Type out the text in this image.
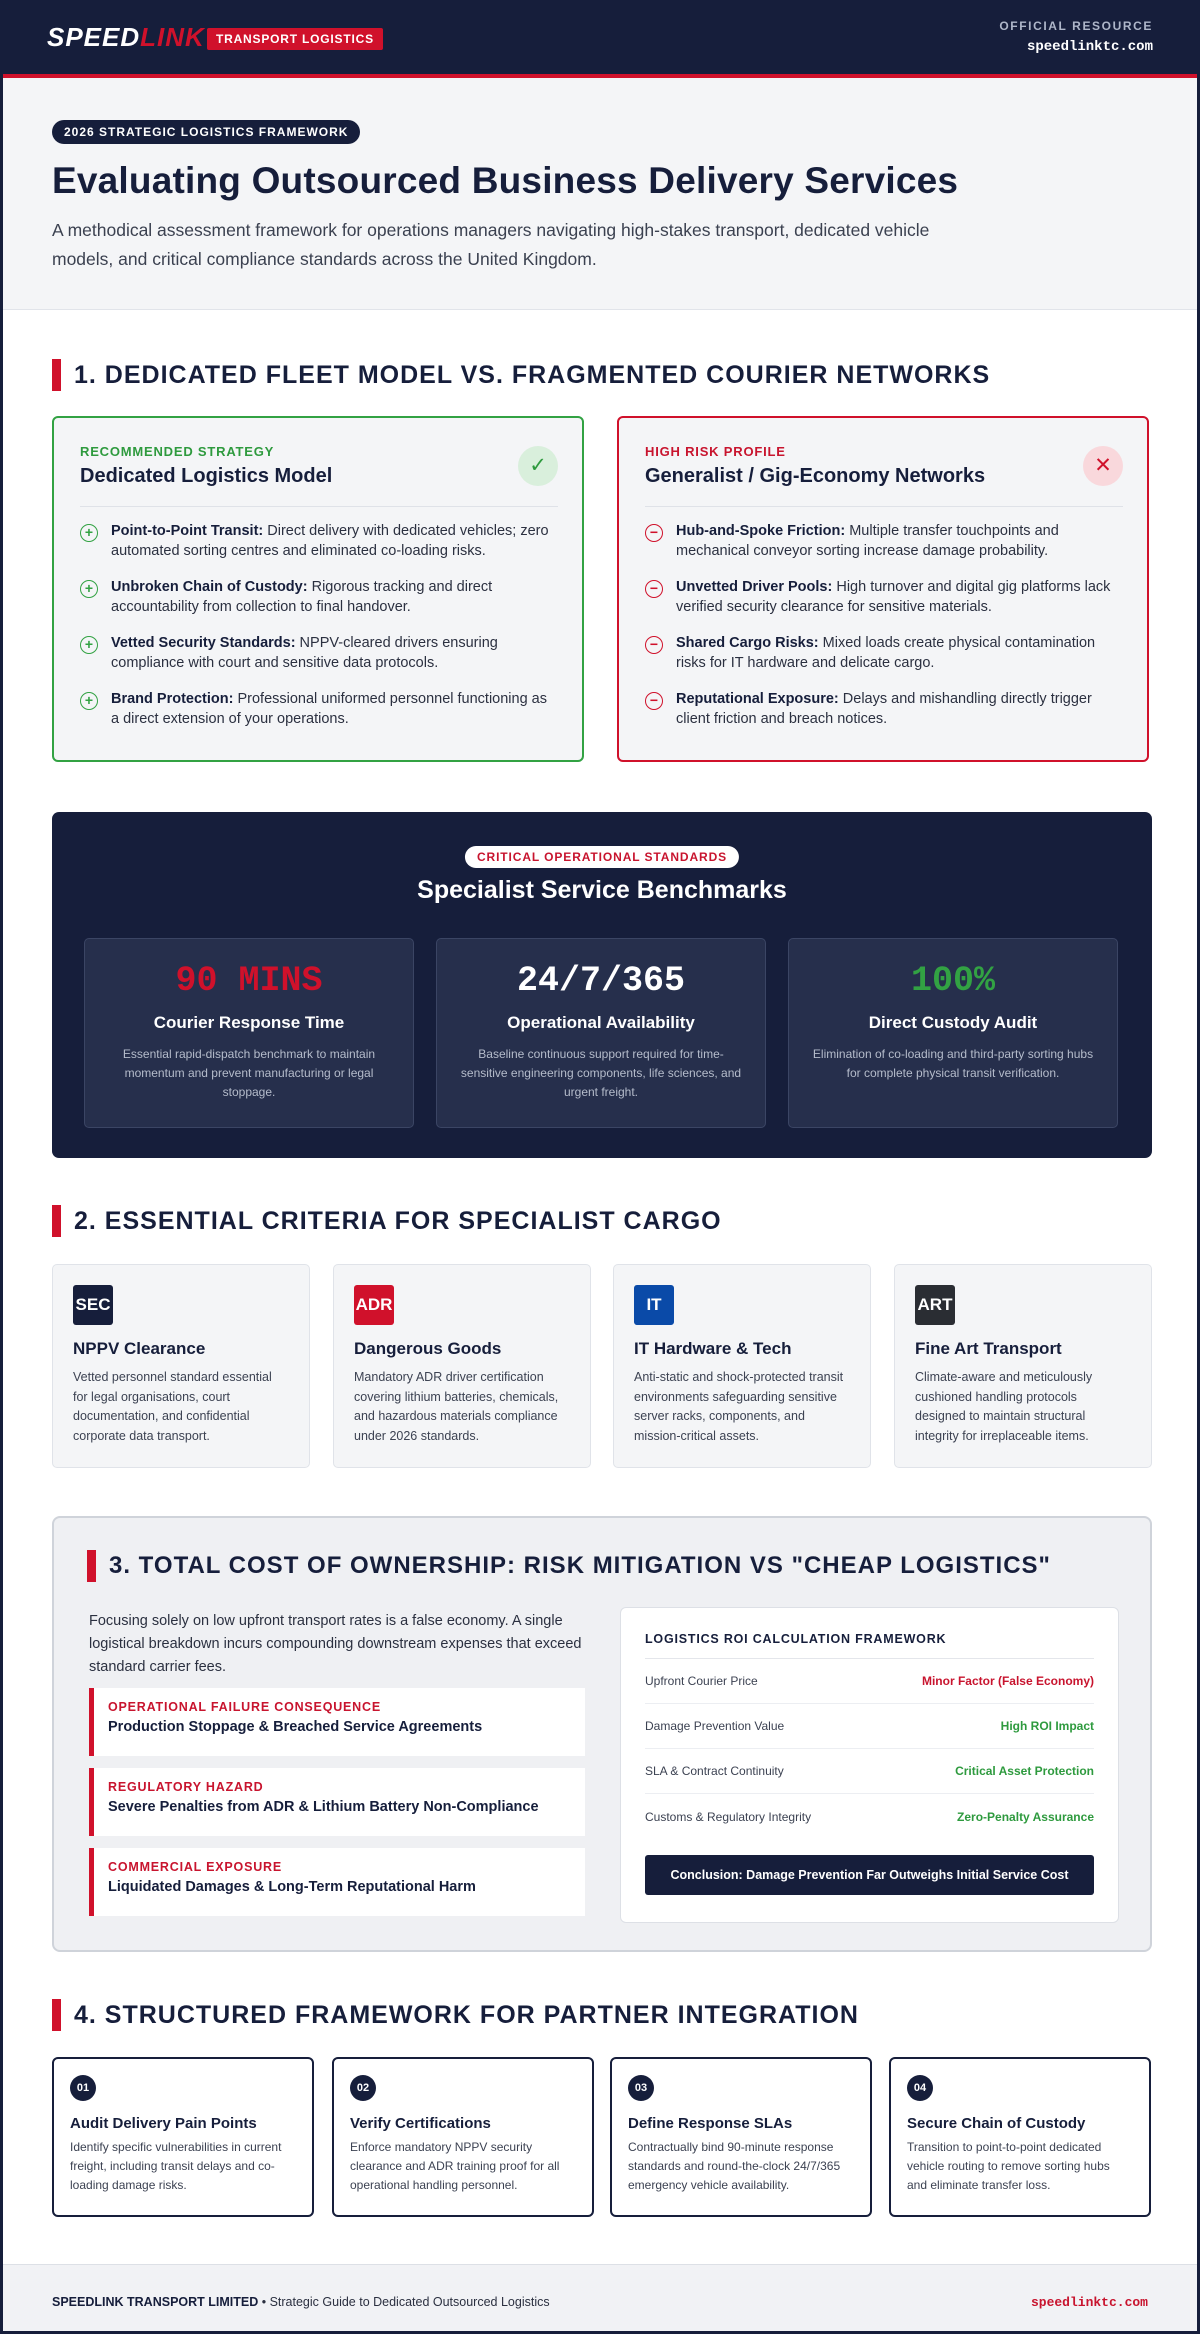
SPEEDLINK TRANSPORT LOGISTICS
OFFICIAL RESOURCE
speedlinktc.com
2026 STRATEGIC LOGISTICS FRAMEWORK
Evaluating Outsourced Business Delivery Services

A methodical assessment framework for operations managers navigating high-stakes transport, dedicated vehicle models, and critical compliance standards across the United Kingdom.

1. DEDICATED FLEET MODEL VS. FRAGMENTED COURIER NETWORKS
RECOMMENDED STRATEGY
Dedicated Logistics Model	✓
+	Point-to-Point Transit: Direct delivery with dedicated vehicles; zero automated sorting centres and eliminated co-loading risks.
+	Unbroken Chain of Custody: Rigorous tracking and direct accountability from collection to final handover.
+	Vetted Security Standards: NPPV-cleared drivers ensuring compliance with court and sensitive data protocols.
+	Brand Protection: Professional uniformed personnel functioning as a direct extension of your operations.
HIGH RISK PROFILE
Generalist / Gig-Economy Networks	✕
−	Hub-and-Spoke Friction: Multiple transfer touchpoints and mechanical conveyor sorting increase damage probability.
−	Unvetted Driver Pools: High turnover and digital gig platforms lack verified security clearance for sensitive materials.
−	Shared Cargo Risks: Mixed loads create physical contamination risks for IT hardware and delicate cargo.
−	Reputational Exposure: Delays and mishandling directly trigger client friction and breach notices.
CRITICAL OPERATIONAL STANDARDS
Specialist Service Benchmarks
90 MINS
Courier Response Time
Essential rapid-dispatch benchmark to maintain momentum and prevent manufacturing or legal stoppage.
24/7/365
Operational Availability
Baseline continuous support required for time-sensitive engineering components, life sciences, and urgent freight.
100%
Direct Custody Audit
Elimination of co-loading and third-party sorting hubs for complete physical transit verification.
2. ESSENTIAL CRITERIA FOR SPECIALIST CARGO
SEC
NPPV Clearance

Vetted personnel standard essential for legal organisations, court documentation, and confidential corporate data transport.

ADR
Dangerous Goods

Mandatory ADR driver certification covering lithium batteries, chemicals, and hazardous materials compliance under 2026 standards.

IT
IT Hardware & Tech

Anti-static and shock-protected transit environments safeguarding sensitive server racks, components, and mission-critical assets.

ART
Fine Art Transport

Climate-aware and meticulously cushioned handling protocols designed to maintain structural integrity for irreplaceable items.

3. TOTAL COST OF OWNERSHIP: RISK MITIGATION VS "CHEAP LOGISTICS"
Focusing solely on low upfront transport rates is a false economy. A single logistical breakdown incurs compounding downstream expenses that exceed standard carrier fees.
OPERATIONAL FAILURE CONSEQUENCE
Production Stoppage & Breached Service Agreements
REGULATORY HAZARD
Severe Penalties from ADR & Lithium Battery Non-Compliance
COMMERCIAL EXPOSURE
Liquidated Damages & Long-Term Reputational Harm
LOGISTICS ROI CALCULATION FRAMEWORK
Upfront Courier Price	Minor Factor (False Economy)
Damage Prevention Value	High ROI Impact
SLA & Contract Continuity	Critical Asset Protection
Customs & Regulatory Integrity	Zero-Penalty Assurance
Conclusion: Damage Prevention Far Outweighs Initial Service Cost
4. STRUCTURED FRAMEWORK FOR PARTNER INTEGRATION
01
Audit Delivery Pain Points

Identify specific vulnerabilities in current freight, including transit delays and co-loading damage risks.

02
Verify Certifications

Enforce mandatory NPPV security clearance and ADR training proof for all operational handling personnel.

03
Define Response SLAs

Contractually bind 90-minute response standards and round-the-clock 24/7/365 emergency vehicle availability.

04
Secure Chain of Custody

Transition to point-to-point dedicated vehicle routing to remove sorting hubs and eliminate transfer loss.

SPEEDLINK TRANSPORT LIMITED • Strategic Guide to Dedicated Outsourced Logistics	speedlinktc.com
